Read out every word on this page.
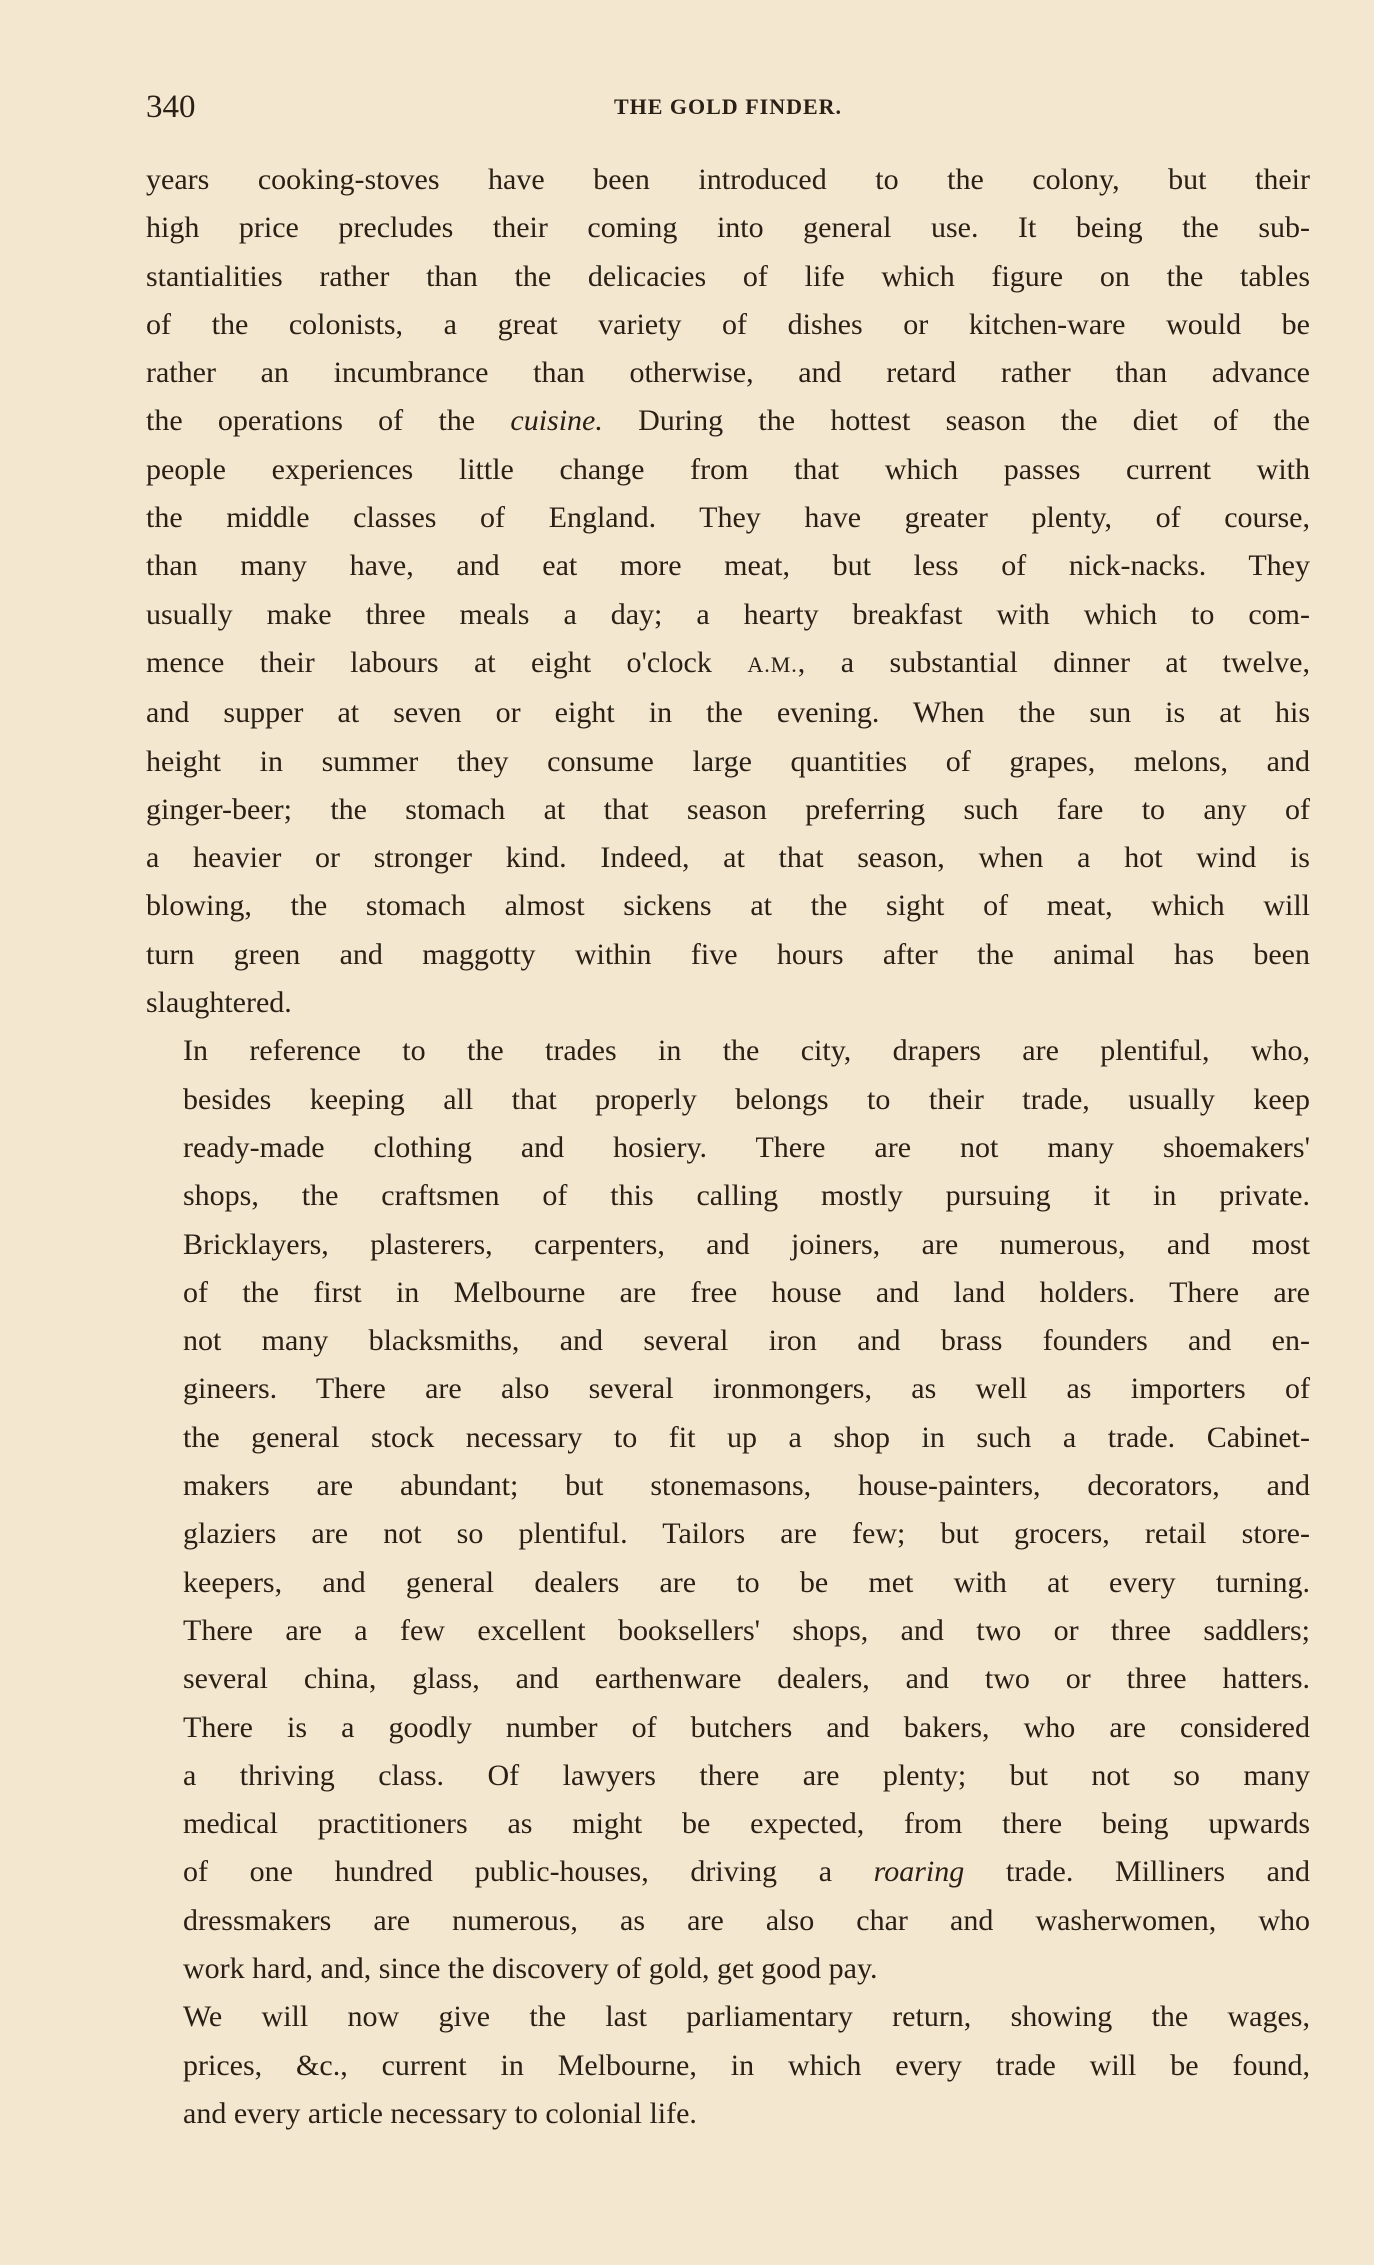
340	THE GOLD FINDER.

years cooking-stoves have been introduced to the colony, but their
high price precludes their coming into general use. It being the sub-
stantialities rather than the delicacies of life which figure on the tables
of the colonists, a great variety of dishes or kitchen-ware would be
rather an incumbrance than otherwise, and retard rather than advance
the operations of the cuisine. During the hottest season the diet of the
people experiences little change from that which passes current with
the middle classes of England. They have greater plenty, of course,
than many have, and eat more meat, but less of nick-nacks. They
usually make three meals a day; a hearty breakfast with which to com-
mence their labours at eight o'clock A.M., a substantial dinner at twelve,
and supper at seven or eight in the evening. When the sun is at his
height in summer they consume large quantities of grapes, melons, and
ginger-beer; the stomach at that season preferring such fare to any of
a heavier or stronger kind. Indeed, at that season, when a hot wind is
blowing, the stomach almost sickens at the sight of meat, which will
turn green and maggotty within five hours after the animal has been
slaughtered.

In reference to the trades in the city, drapers are plentiful, who,
besides keeping all that properly belongs to their trade, usually keep
ready-made clothing and hosiery. There are not many shoemakers'
shops, the craftsmen of this calling mostly pursuing it in private.
Bricklayers, plasterers, carpenters, and joiners, are numerous, and most
of the first in Melbourne are free house and land holders. There are
not many blacksmiths, and several iron and brass founders and en-
gineers. There are also several ironmongers, as well as importers of
the general stock necessary to fit up a shop in such a trade. Cabinet-
makers are abundant; but stonemasons, house-painters, decorators, and
glaziers are not so plentiful. Tailors are few; but grocers, retail store-
keepers, and general dealers are to be met with at every turning.
There are a few excellent booksellers' shops, and two or three saddlers;
several china, glass, and earthenware dealers, and two or three hatters.
There is a goodly number of butchers and bakers, who are considered
a thriving class. Of lawyers there are plenty; but not so many
medical practitioners as might be expected, from there being upwards
of one hundred public-houses, driving a roaring trade. Milliners and
dressmakers are numerous, as are also char and washerwomen, who
work hard, and, since the discovery of gold, get good pay.

We will now give the last parliamentary return, showing the wages,
prices, &c., current in Melbourne, in which every trade will be found,
and every article necessary to colonial life.
